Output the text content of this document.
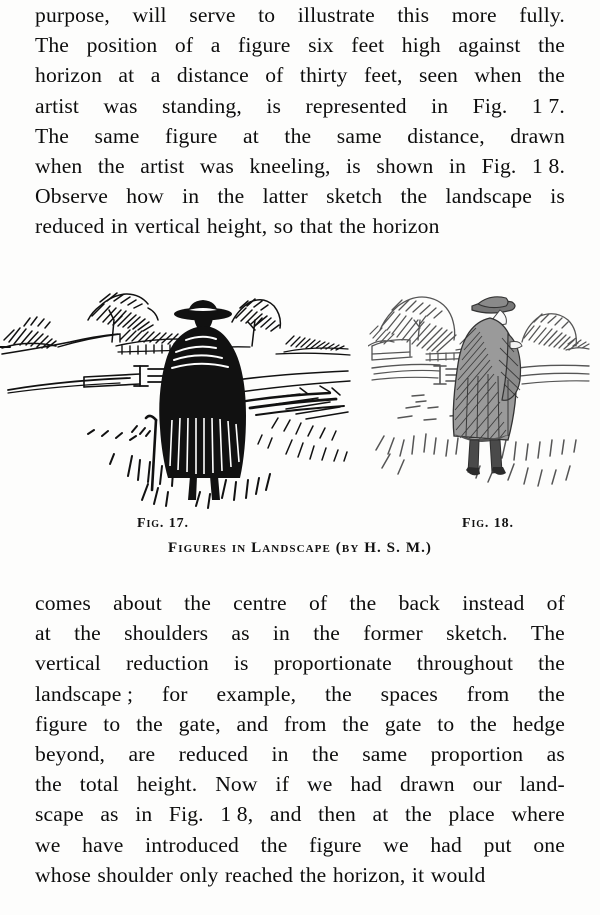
purpose, will serve to illustrate this more fully.
The position of a figure six feet high against the
horizon at a distance of thirty feet, seen when the
artist was standing, is represented in Fig. 1 7.
The same figure at the same distance, drawn
when the artist was kneeling, is shown in Fig. 1 8.
Observe how in the latter sketch the landscape is
reduced in vertical height, so that the horizon
Fig. 17.	Fig. 18.
Figures in Landscape (by H. S. M.)
comes about the centre of the back instead of
at the shoulders as in the former sketch. The
vertical reduction is proportionate throughout the
landscape ; for example, the spaces from the
figure to the gate, and from the gate to the hedge
beyond, are reduced in the same proportion as
the total height. Now if we had drawn our land-
scape as in Fig. 1 8, and then at the place where
we have introduced the figure we had put one
whose shoulder only reached the horizon, it would
